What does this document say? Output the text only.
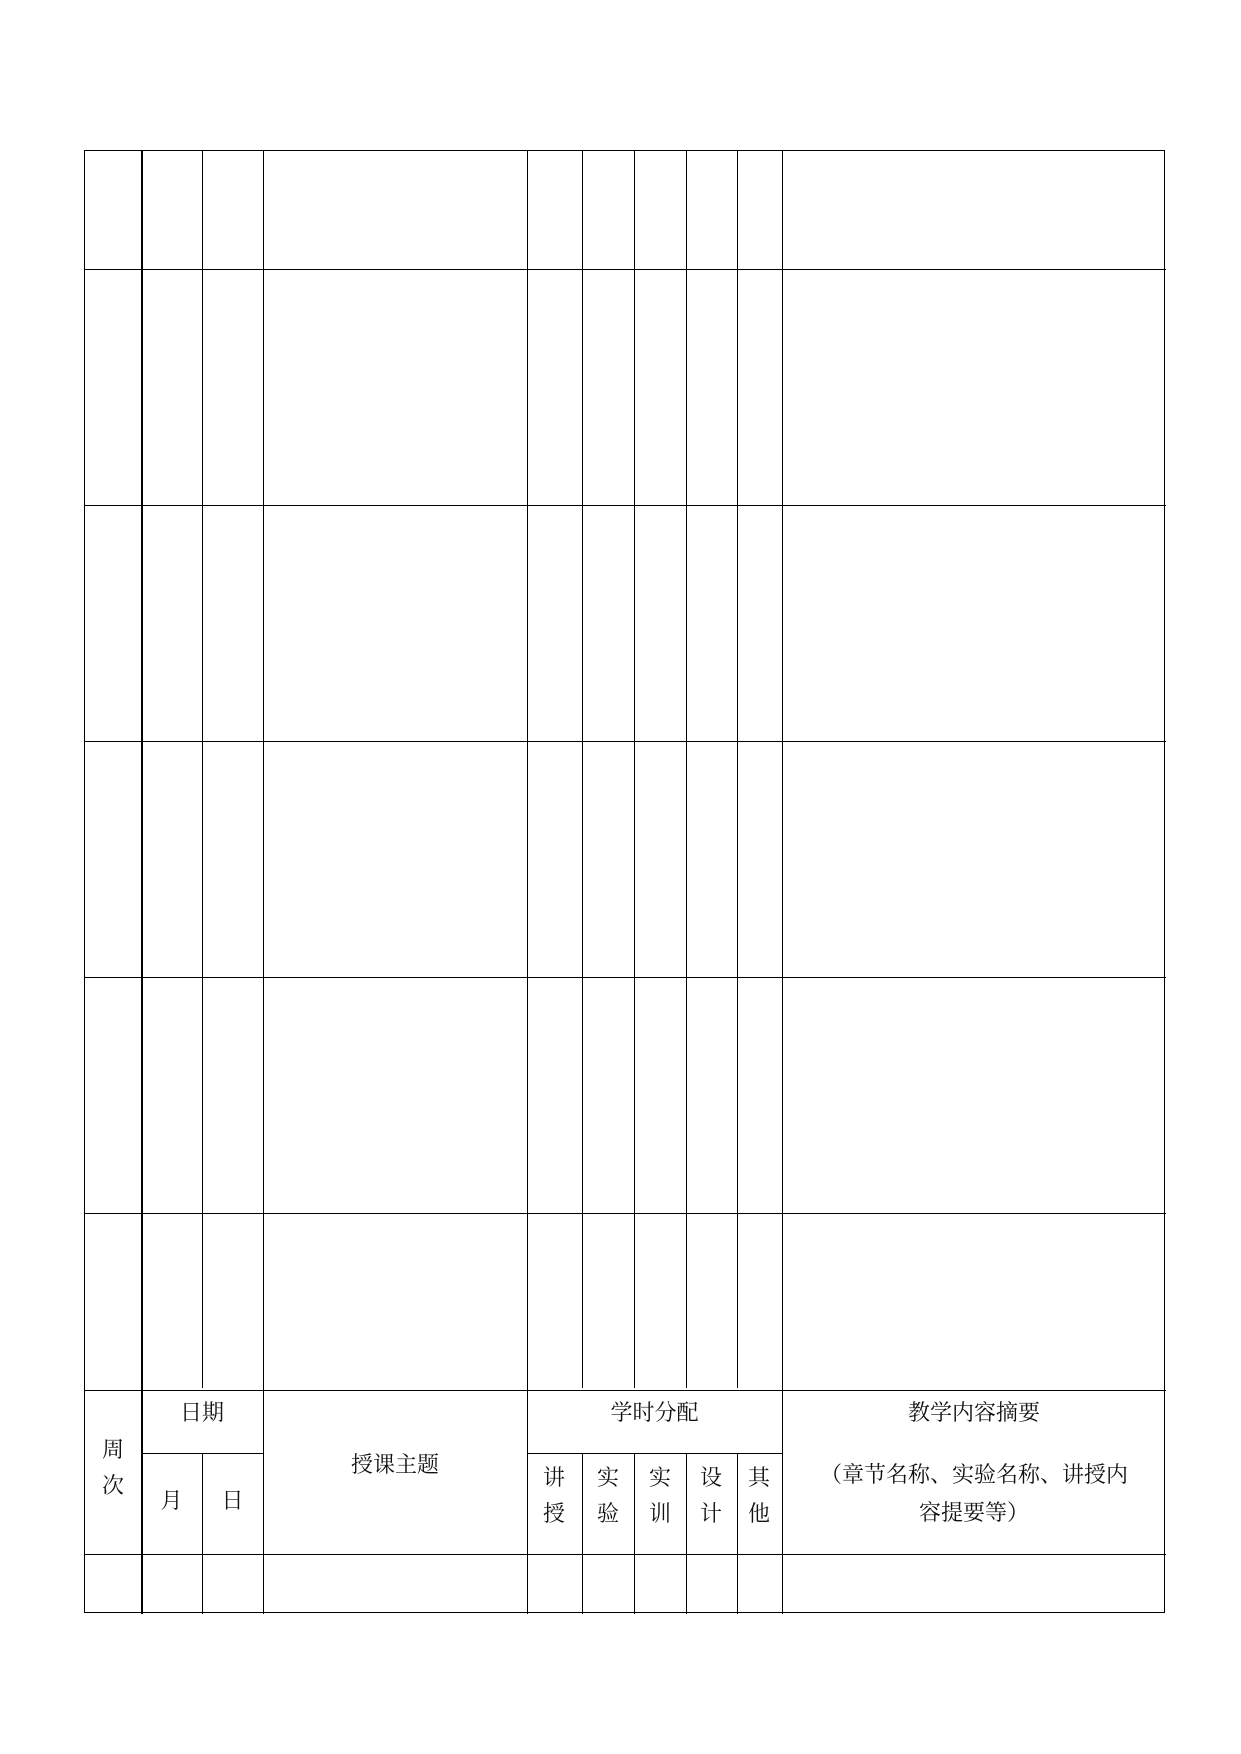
周次
日期
月	日
授课主题
学时分配
讲授
实验
实训
设计
其他
教学内容摘要
（章节名称、实验名称、讲授内
容提要等）
